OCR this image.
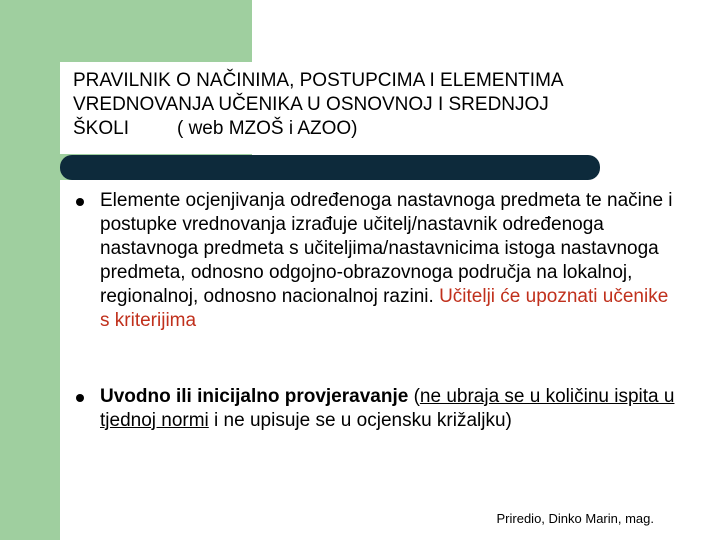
PRAVILNIK O NAČINIMA, POSTUPCIMA I ELEMENTIMA
VREDNOVANJA UČENIKA U OSNOVNOJ I SREDNJOJ
ŠKOLI	( web MZOŠ i AZOO)
Elemente ocjenjivanja određenoga nastavnoga predmeta te načine i postupke vrednovanja izrađuje učitelj/nastavnik određenoga nastavnoga predmeta s učiteljima/nastavnicima istoga nastavnoga predmeta, odnosno odgojno-obrazovnoga područja na lokalnoj, regionalnoj, odnosno nacionalnoj razini. Učitelji će upoznati učenike s kriterijima
Uvodno ili inicijalno provjeravanje (ne ubraja se u količinu ispita u tjednoj normi i ne upisuje se u ocjensku križaljku)
Priredio, Dinko Marin, mag.
